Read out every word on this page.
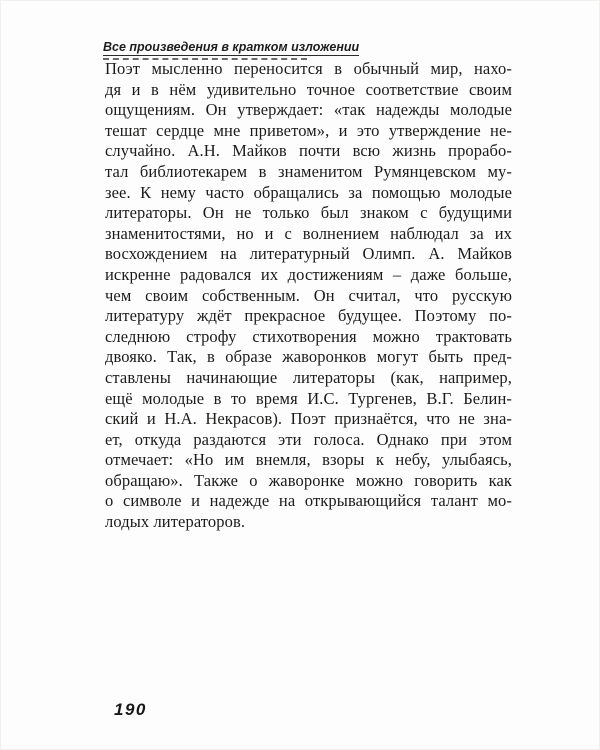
Все произведения в кратком изложении
Поэт мысленно переносится в обычный мир, нахо-
дя и в нём удивительно точное соответствие своим
ощущениям. Он утверждает: «так надежды молодые
тешат сердце мне приветом», и это утверждение не-
случайно. А.Н. Майков почти всю жизнь прорабо-
тал библиотекарем в знаменитом Румянцевском му-
зее. К нему часто обращались за помощью молодые
литераторы. Он не только был знаком с будущими
знаменитостями, но и с волнением наблюдал за их
восхождением на литературный Олимп. А. Майков
искренне радовался их достижениям – даже больше,
чем своим собственным. Он считал, что русскую
литературу ждёт прекрасное будущее. Поэтому по-
следнюю строфу стихотворения можно трактовать
двояко. Так, в образе жаворонков могут быть пред-
ставлены начинающие литераторы (как, например,
ещё молодые в то время И.С. Тургенев, В.Г. Белин-
ский и Н.А. Некрасов). Поэт признаётся, что не зна-
ет, откуда раздаются эти голоса. Однако при этом
отмечает: «Но им внемля, взоры к небу, улыбаясь,
обращаю». Также о жаворонке можно говорить как
о символе и надежде на открывающийся талант мо-
лодых литераторов.
190
